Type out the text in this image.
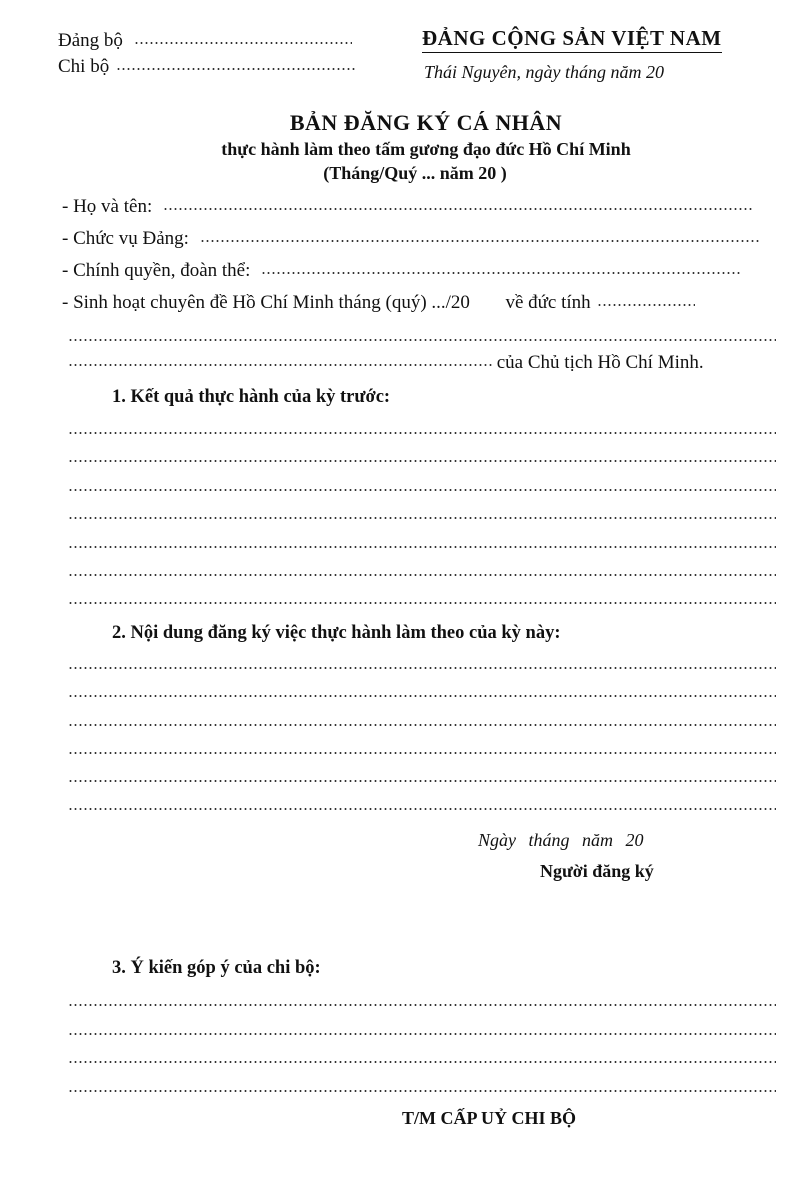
Đảng bộ
Chi bộ
ĐẢNG CỘNG SẢN VIỆT NAM
Thái Nguyên, ngày tháng năm 20
BẢN ĐĂNG KÝ CÁ NHÂN
thực hành làm theo tấm gương đạo đức Hồ Chí Minh
(Tháng/Quý ... năm 20 )
- Họ và tên:
- Chức vụ Đảng:
- Chính quyền, đoàn thể:
- Sinh hoạt chuyên đề Hồ Chí Minh tháng (quý) .../20 về đức tính
của Chủ tịch Hồ Chí Minh.
1. Kết quả thực hành của kỳ trước:
2. Nội dung đăng ký việc thực hành làm theo của kỳ này:
Ngày tháng năm 20
Người đăng ký
3. Ý kiến góp ý của chi bộ:
T/M CẤP UỶ CHI BỘ
